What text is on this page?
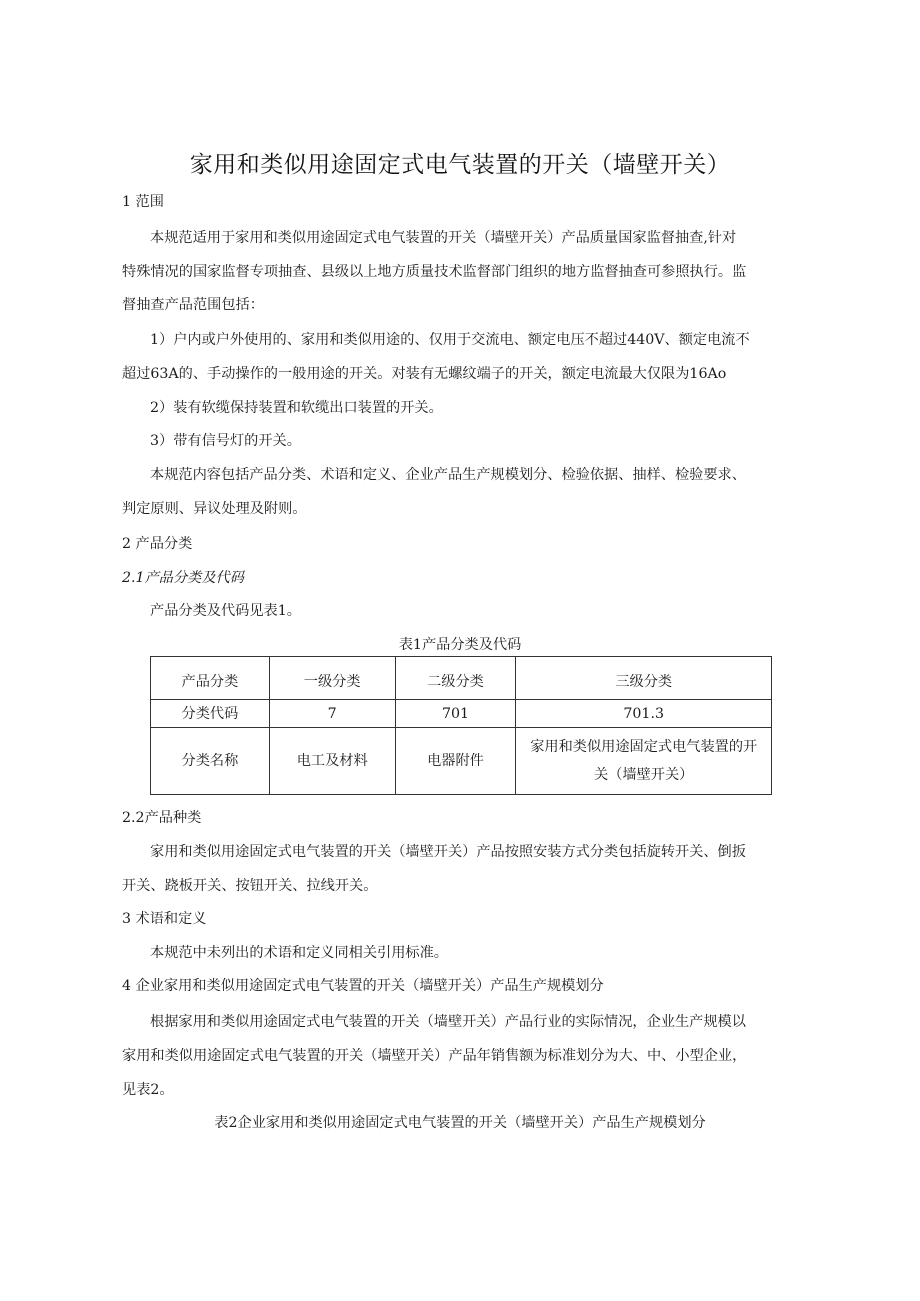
家用和类似用途固定式电气装置的开关（墙壁开关）
1 范围
本规范适用于家用和类似用途固定式电气装置的开关（墙壁开关）产品质量国家监督抽查,针对
特殊情况的国家监督专项抽查、县级以上地方质量技术监督部门组织的地方监督抽查可参照执行。监
督抽查产品范围包括：
1）户内或户外使用的、家用和类似用途的、仅用于交流电、额定电压不超过440V、额定电流不
超过63A的、手动操作的一般用途的开关。对装有无螺纹端子的开关，额定电流最大仅限为16Ao
2）装有软缆保持装置和软缆出口装置的开关。
3）带有信号灯的开关。
本规范内容包括产品分类、术语和定义、企业产品生产规模划分、检验依据、抽样、检验要求、
判定原则、异议处理及附则。
2 产品分类
2.1产品分类及代码
产品分类及代码见表1。
表1产品分类及代码
产品分类	一级分类	二级分类	三级分类
分类代码	7	701	701.3
分类名称	电工及材料	电器附件	家用和类似用途固定式电气装置的开
关（墙壁开关）
2.2产品种类
家用和类似用途固定式电气装置的开关（墙壁开关）产品按照安装方式分类包括旋转开关、倒扳
开关、跷板开关、按钮开关、拉线开关。
3 术语和定义
本规范中未列出的术语和定义同相关引用标准。
4 企业家用和类似用途固定式电气装置的开关（墙壁开关）产品生产规模划分
根据家用和类似用途固定式电气装置的开关（墙壁开关）产品行业的实际情况，企业生产规模以
家用和类似用途固定式电气装置的开关（墙壁开关）产品年销售额为标准划分为大、中、小型企业，
见表2。
表2企业家用和类似用途固定式电气装置的开关（墙壁开关）产品生产规模划分
